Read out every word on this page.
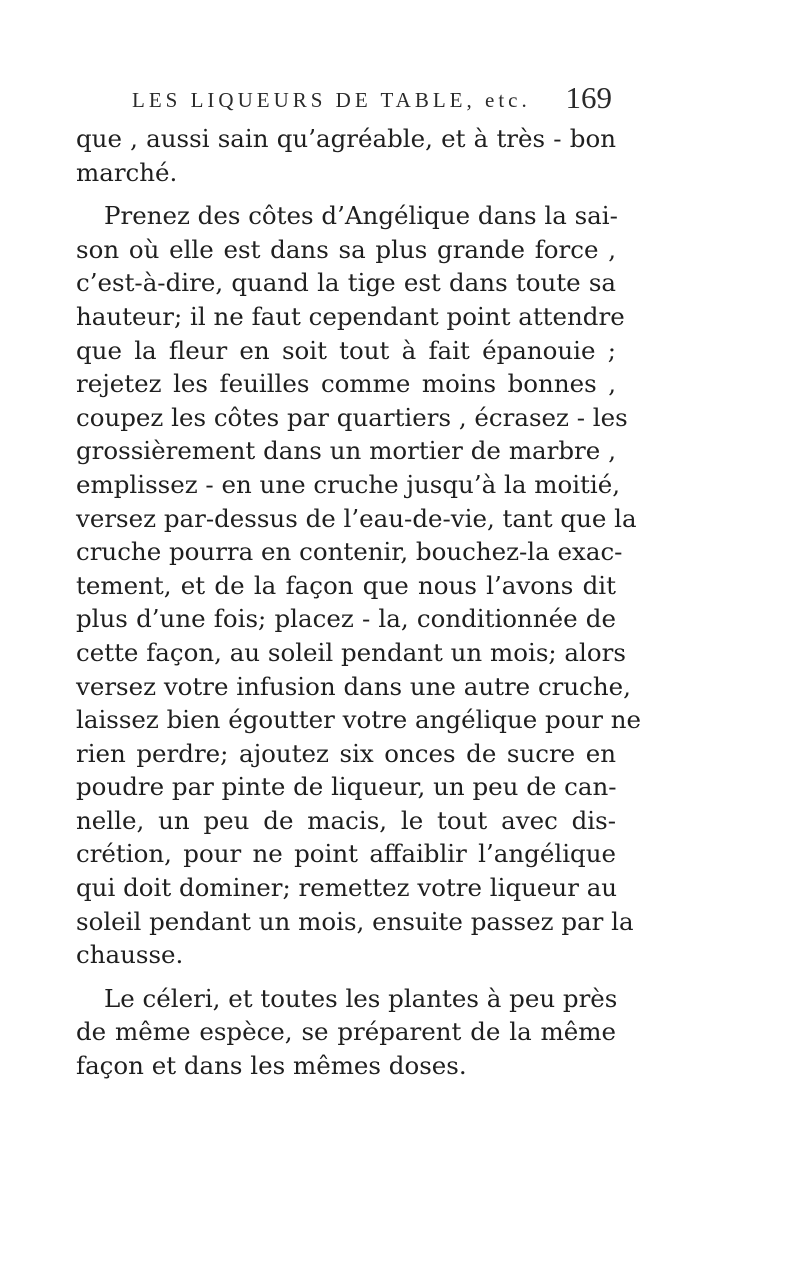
LES LIQUEURS DE TABLE, etc. 169
que , aussi sain qu’agréable, et à très - bon
marché.
Prenez des côtes d’Angélique dans la sai-
son où elle est dans sa plus grande force ,
c’est-à-dire, quand la tige est dans toute sa
hauteur; il ne faut cependant point attendre
que la fleur en soit tout à fait épanouie ;
rejetez les feuilles comme moins bonnes ,
coupez les côtes par quartiers , écrasez - les
grossièrement dans un mortier de marbre ,
emplissez - en une cruche jusqu’à la moitié,
versez par-dessus de l’eau-de-vie, tant que la
cruche pourra en contenir, bouchez-la exac-
tement, et de la façon que nous l’avons dit
plus d’une fois; placez - la, conditionnée de
cette façon, au soleil pendant un mois; alors
versez votre infusion dans une autre cruche,
laissez bien égoutter votre angélique pour ne
rien perdre; ajoutez six onces de sucre en
poudre par pinte de liqueur, un peu de can-
nelle, un peu de macis, le tout avec dis-
crétion, pour ne point affaiblir l’angélique
qui doit dominer; remettez votre liqueur au
soleil pendant un mois, ensuite passez par la
chausse.
Le céleri, et toutes les plantes à peu près
de même espèce, se préparent de la même
façon et dans les mêmes doses.
